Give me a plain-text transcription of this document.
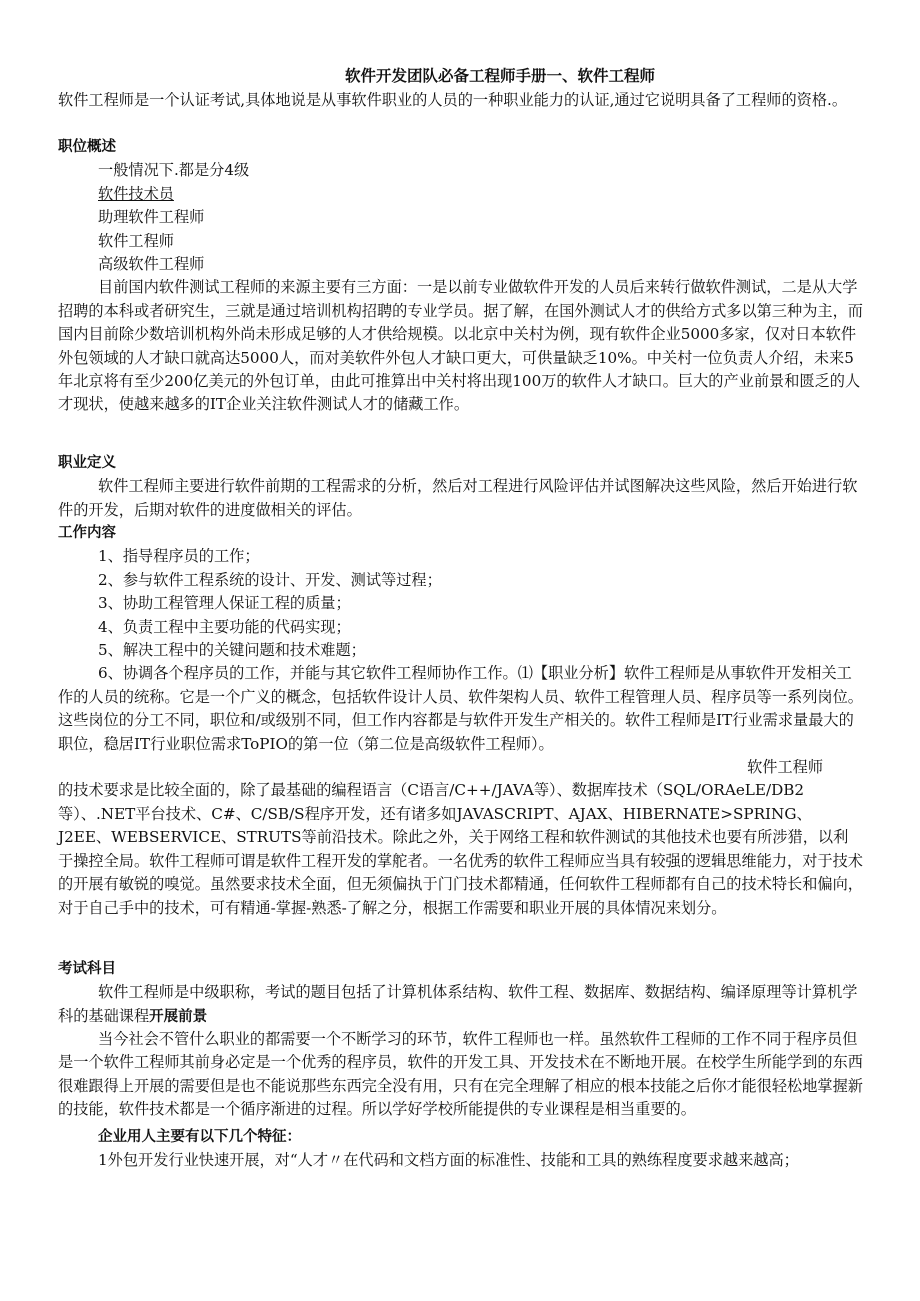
软件开发团队必备工程师手册一、软件工程师

软件工程师是一个认证考试,具体地说是从事软件职业的人员的一种职业能力的认证,通过它说明具备了工程师的资格.。

职位概述

一般情况下.都是分4级

软件技术员

助理软件工程师

软件工程师

高级软件工程师

目前国内软件测试工程师的来源主要有三方面：一是以前专业做软件开发的人员后来转行做软件测试，二是从大学招聘的本科或者研究生，三就是通过培训机构招聘的专业学员。据了解，在国外测试人才的供给方式多以第三种为主，而国内目前除少数培训机构外尚未形成足够的人才供给规模。以北京中关村为例，现有软件企业5000多家，仅对日本软件外包领域的人才缺口就高达5000人，而对美软件外包人才缺口更大，可供量缺乏10%。中关村一位负责人介绍，未来5年北京将有至少200亿美元的外包订单，由此可推算出中关村将出现100万的软件人才缺口。巨大的产业前景和匮乏的人才现状，使越来越多的IT企业关注软件测试人才的储藏工作。

职业定义

软件工程师主要进行软件前期的工程需求的分析，然后对工程进行风险评估并试图解决这些风险，然后开始进行软件的开发，后期对软件的进度做相关的评估。

工作内容

1、指导程序员的工作；

2、参与软件工程系统的设计、开发、测试等过程；

3、协助工程管理人保证工程的质量；

4、负责工程中主要功能的代码实现；

5、解决工程中的关键问题和技术难题；

6、协调各个程序员的工作，并能与其它软件工程师协作工作。⑴【职业分析】软件工程师是从事软件开发相关工作的人员的统称。它是一个广义的概念，包括软件设计人员、软件架构人员、软件工程管理人员、程序员等一系列岗位。这些岗位的分工不同，职位和/或级别不同，但工作内容都是与软件开发生产相关的。软件工程师是IT行业需求量最大的职位，稳居IT行业职位需求ToPIO的第一位（第二位是高级软件工程师）。

软件工程师

的技术要求是比较全面的，除了最基础的编程语言（C语言/C++/JAVA等）、数据库技术（SQL/ORAeLE/DB2等）、.NET平台技术、C#、C/SB/S程序开发，还有诸多如JAVASCRIPT、AJAX、HIBERNATE>SPRING、J2EE、WEBSERVICE、STRUTS等前沿技术。除此之外，关于网络工程和软件测试的其他技术也要有所涉猎，以利于操控全局。软件工程师可谓是软件工程开发的掌舵者。一名优秀的软件工程师应当具有较强的逻辑思维能力，对于技术的开展有敏锐的嗅觉。虽然要求技术全面，但无须偏执于门门技术都精通，任何软件工程师都有自己的技术特长和偏向，对于自己手中的技术，可有精通-掌握-熟悉-了解之分，根据工作需要和职业开展的具体情况来划分。

考试科目

软件工程师是中级职称，考试的题目包括了计算机体系结构、软件工程、数据库、数据结构、编译原理等计算机学科的基础课程开展前景

当今社会不管什么职业的都需要一个不断学习的环节，软件工程师也一样。虽然软件工程师的工作不同于程序员但是一个软件工程师其前身必定是一个优秀的程序员，软件的开发工具、开发技术在不断地开展。在校学生所能学到的东西很难跟得上开展的需要但是也不能说那些东西完全没有用，只有在完全理解了相应的根本技能之后你才能很轻松地掌握新的技能，软件技术都是一个循序渐进的过程。所以学好学校所能提供的专业课程是相当重要的。

企业用人主要有以下几个特征：

1外包开发行业快速开展，对“人才〃在代码和文档方面的标准性、技能和工具的熟练程度要求越来越高；
